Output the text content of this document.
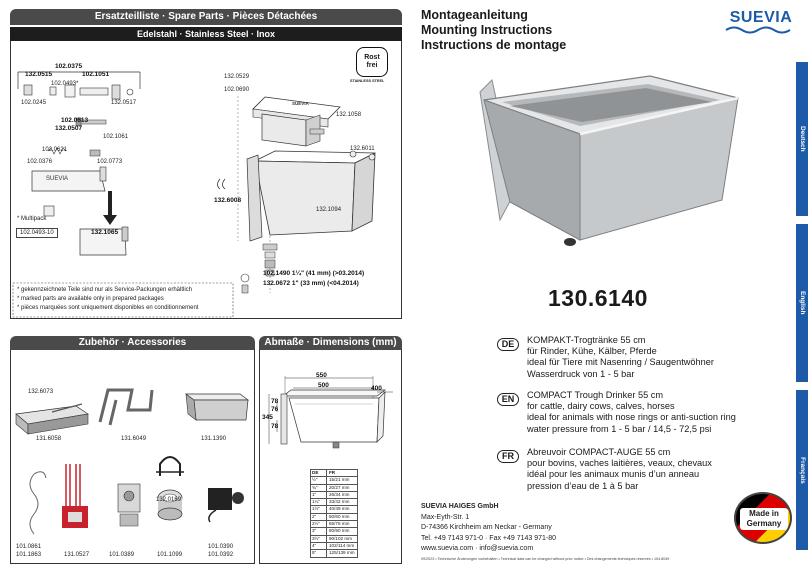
Ersatzteilliste · Spare Parts · Pièces Détachées
Edelstahl · Stainless Steel · Inox
Rost
frei
STAINLESS STEEL
102.0375
132.0515	102.1051
102.0493*
102.0245	132.0517
102.0613
132.0507
102.1061
102.0621
102.0773
102.0376
132.1065
132.0529
102.0690
132.1058
132.6011
132.6008
132.1094
SUEVIA
SUEVIA
* Multipack
102.0493-10
102.1490 1¼" (41 mm) (>03.2014)
132.0672 1" (33 mm) (<04.2014)
* gekennzeichnete Teile sind nur als Service-Packungen erhältlich
* marked parts are available only in prepared packages
* pièces marquées sont uniquement disponibles en conditionnement
Zubehör · Accessories
132.6073
131.6058	131.6049	131.1390
132.0169
101.0861
101.1863	131.0527	101.0389	101.1099
101.0390
101.0392
Abmaße · Dimensions (mm)
550
500	400
345
78
76
78
DE	FR
½"	15/21 mm
¾"	20/27 mm
1"	26/34 mm
1¼"	33/42 mm
1½"	40/49 mm
2"	50/60 mm
2½"	66/76 mm
3"	80/90 mm
3½"	90/102 mm
4"	102/114 mm
5"	125/139 mm
Montageanleitung
Mounting Instructions
Instructions de montage
SUEVIA
130.6140
DE	KOMPAKT-Trogtränke 55 cm
für Rinder, Kühe, Kälber, Pferde
ideal für Tiere mit Nasenring / Saugentwöhner
Wasserdruck von 1 - 5 bar
EN	COMPACT Trough Drinker 55 cm
for cattle, dairy cows, calves, horses
ideal for animals with nose rings or anti-suction ring
water pressure from 1 - 5 bar / 14,5 - 72,5 psi
FR	Abreuvoir COMPACT-AUGE 55 cm
pour bovins, vaches laitières, veaux, chevaux
idéal pour les animaux munis d’un anneau
pression d’eau de 1 à 5 bar
SUEVIA HAIGES GmbH
Max-Eyth-Str. 1
D-74366 Kirchheim am Neckar - Germany
Tel. +49 7143 971-0 · Fax +49 7143 971-80
www.suevia.com · info@suevia.com
Made in
Germany
09/2023 • Technische Änderungen vorbehalten • Technical data can be changed without prior notice • Des changements techniques réservés • 104.8049
Deutsch
English
Français
